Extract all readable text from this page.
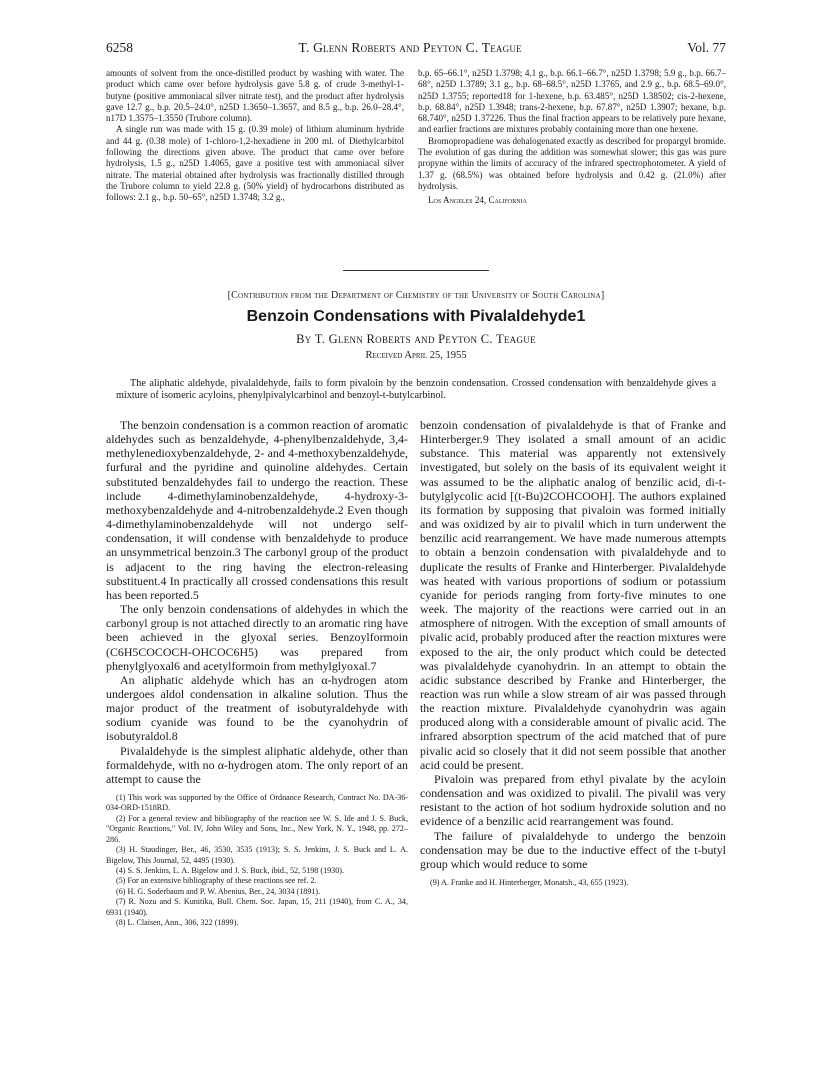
6258	T. Glenn Roberts and Peyton C. Teague	Vol. 77

amounts of solvent from the once-distilled product by washing with water. The product which came over before hydrolysis gave 5.8 g. of crude 3-methyl-1-butyne (positive ammoniacal silver nitrate test), and the product after hydrolysis gave 12.7 g., b.p. 20.5–24.0°, n25D 1.3650–1.3657, and 8.5 g., b.p. 26.0–28.4°, n17D 1.3575–1.3550 (Trubore column).

A single run was made with 15 g. (0.39 mole) of lithium aluminum hydride and 44 g. (0.38 mole) of 1-chloro-1,2-hexadiene in 200 ml. of Diethylcarbitol following the directions given above. The product that came over before hydrolysis, 1.5 g., n25D 1.4065, gave a positive test with ammoniacal silver nitrate. The material obtained after hydrolysis was fractionally distilled through the Trubore column to yield 22.8 g. (50% yield) of hydrocarbons distributed as follows: 2.1 g., b.p. 50–65°, n25D 1.3748; 3.2 g.,

b.p. 65–66.1°, n25D 1.3798; 4.1 g., b.p. 66.1–66.7°, n25D 1.3798; 5.9 g., b.p. 66.7–68°, n25D 1.3789; 3.1 g., b.p. 68–68.5°, n25D 1.3765, and 2.9 g., b.p. 68.5–69.0°, n25D 1.3755; reported18 for 1-hexene, b.p. 63.485°, n25D 1.38502; cis-2-hexene, b.p. 68.84°, n25D 1.3948; trans-2-hexene, b.p. 67.87°, n25D 1.3907; hexane, b.p. 68.740°, n25D 1.37226. Thus the final fraction appears to be relatively pure hexane, and earlier fractions are mixtures probably containing more than one hexene.

Bromopropadiene was dehalogenated exactly as described for propargyl bromide. The evolution of gas during the addition was somewhat slower; this gas was pure propyne within the limits of accuracy of the infrared spectrophotometer. A yield of 1.37 g. (68.5%) was obtained before hydrolysis and 0.42 g. (21.0%) after hydrolysis.

Los Angeles 24, California

[Contribution from the Department of Chemistry of the University of South Carolina]
Benzoin Condensations with Pivalaldehyde1
By T. Glenn Roberts and Peyton C. Teague
Received April 25, 1955
The aliphatic aldehyde, pivalaldehyde, fails to form pivaloin by the benzoin condensation. Crossed condensation with benzaldehyde gives a mixture of isomeric acyloins, phenylpivalylcarbinol and benzoyl-t-butylcarbinol.

The benzoin condensation is a common reaction of aromatic aldehydes such as benzaldehyde, 4-phenylbenzaldehyde, 3,4-methylenedioxybenzaldehyde, 2- and 4-methoxybenzaldehyde, furfural and the pyridine and quinoline aldehydes. Certain substituted benzaldehydes fail to undergo the reaction. These include 4-dimethylaminobenzaldehyde, 4-hydroxy-3-methoxybenzaldehyde and 4-nitrobenzaldehyde.2 Even though 4-dimethylaminobenzaldehyde will not undergo self-condensation, it will condense with benzaldehyde to produce an unsymmetrical benzoin.3 The carbonyl group of the product is adjacent to the ring having the electron-releasing substituent.4 In practically all crossed condensations this result has been reported.5

The only benzoin condensations of aldehydes in which the carbonyl group is not attached directly to an aromatic ring have been achieved in the glyoxal series. Benzoylformoin (C6H5COCOCH-OHCOC6H5) was prepared from phenylglyoxal6 and acetylformoin from methylglyoxal.7

An aliphatic aldehyde which has an α-hydrogen atom undergoes aldol condensation in alkaline solution. Thus the major product of the treatment of isobutyraldehyde with sodium cyanide was found to be the cyanohydrin of isobutyraldol.8

Pivalaldehyde is the simplest aliphatic aldehyde, other than formaldehyde, with no α-hydrogen atom. The only report of an attempt to cause the

(1) This work was supported by the Office of Ordnance Research, Contract No. DA-36-034-ORD-1518RD.

(2) For a general review and bibliography of the reaction see W. S. Ide and J. S. Buck, "Organic Reactions," Vol. IV, John Wiley and Sons, Inc., New York, N. Y., 1948, pp. 272–286.

(3) H. Staudinger, Ber., 46, 3530, 3535 (1913); S. S. Jenkins, J. S. Buck and L. A. Bigelow, This Journal, 52, 4495 (1930).

(4) S. S. Jenkins, L. A. Bigelow and J. S. Buck, ibid., 52, 5198 (1930).

(5) For an extensive bibliography of these reactions see ref. 2.

(6) H. G. Soderbaum and P. W. Abenius, Ber., 24, 3034 (1891).

(7) R. Nozu and S. Kunitika, Bull. Chem. Soc. Japan, 15, 211 (1940), from C. A., 34, 6931 (1940).

(8) L. Claisen, Ann., 306, 322 (1899).

benzoin condensation of pivalaldehyde is that of Franke and Hinterberger.9 They isolated a small amount of an acidic substance. This material was apparently not extensively investigated, but solely on the basis of its equivalent weight it was assumed to be the aliphatic analog of benzilic acid, di-t-butylglycolic acid [(t-Bu)2COHCOOH]. The authors explained its formation by supposing that pivaloin was formed initially and was oxidized by air to pivalil which in turn underwent the benzilic acid rearrangement. We have made numerous attempts to obtain a benzoin condensation with pivalaldehyde and to duplicate the results of Franke and Hinterberger. Pivalaldehyde was heated with various proportions of sodium or potassium cyanide for periods ranging from forty-five minutes to one week. The majority of the reactions were carried out in an atmosphere of nitrogen. With the exception of small amounts of pivalic acid, probably produced after the reaction mixtures were exposed to the air, the only product which could be detected was pivalaldehyde cyanohydrin. In an attempt to obtain the acidic substance described by Franke and Hinterberger, the reaction was run while a slow stream of air was passed through the reaction mixture. Pivalaldehyde cyanohydrin was again produced along with a considerable amount of pivalic acid. The infrared absorption spectrum of the acid matched that of pure pivalic acid so closely that it did not seem possible that another acid could be present.

Pivaloin was prepared from ethyl pivalate by the acyloin condensation and was oxidized to pivalil. The pivalil was very resistant to the action of hot sodium hydroxide solution and no evidence of a benzilic acid rearrangement was found.

The failure of pivalaldehyde to undergo the benzoin condensation may be due to the inductive effect of the t-butyl group which would reduce to some

(9) A. Franke and H. Hinterberger, Monatsh., 43, 655 (1923).
